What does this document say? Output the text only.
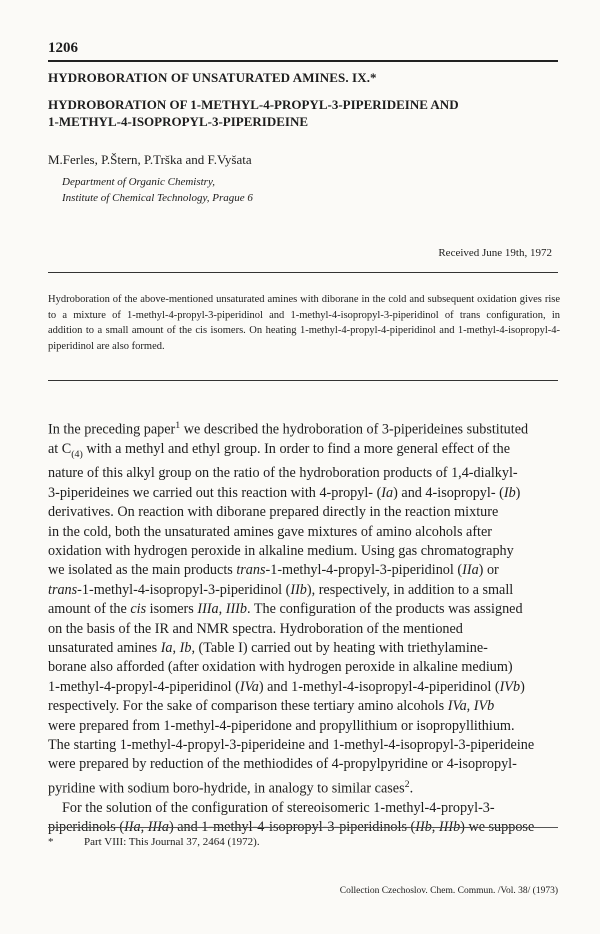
1206
HYDROBORATION OF UNSATURATED AMINES. IX.*
HYDROBORATION OF 1-METHYL-4-PROPYL-3-PIPERIDEINE AND
1-METHYL-4-ISOPROPYL-3-PIPERIDEINE
M.Ferles, P.Štern, P.Trška and F.Vyšata
Department of Organic Chemistry,
Institute of Chemical Technology, Prague 6
Received June 19th, 1972
Hydroboration of the above-mentioned unsaturated amines with diborane in the cold and subsequent oxidation gives rise to a mixture of 1-methyl-4-propyl-3-piperidinol and 1-methyl-4-isopropyl-3-piperidinol of trans configuration, in addition to a small amount of the cis isomers. On heating 1-methyl-4-propyl-4-piperidinol and 1-methyl-4-isopropyl-4-piperidinol are also formed.
In the preceding paper$^1$ we described the hydroboration of 3-piperideines substituted
at $C_{(4)}$ with a methyl and ethyl group. In order to find a more general effect of the
nature of this alkyl group on the ratio of the hydroboration products of 1,4-dialkyl-
3-piperideines we carried out this reaction with 4-propyl- (Ia) and 4-isopropyl- (Ib)
derivatives. On reaction with diborane prepared directly in the reaction mixture
in the cold, both the unsaturated amines gave mixtures of amino alcohols after
oxidation with hydrogen peroxide in alkaline medium. Using gas chromatography
we isolated as the main products trans-1-methyl-4-propyl-3-piperidinol (IIa) or
trans-1-methyl-4-isopropyl-3-piperidinol (IIb), respectively, in addition to a small
amount of the cis isomers IIIa, IIIb. The configuration of the products was assigned
on the basis of the IR and NMR spectra. Hydroboration of the mentioned
unsaturated amines Ia, Ib, (Table I) carried out by heating with triethylamine-
borane also afforded (after oxidation with hydrogen peroxide in alkaline medium)
1-methyl-4-propyl-4-piperidinol (IVa) and 1-methyl-4-isopropyl-4-piperidinol (IVb)
respectively. For the sake of comparison these tertiary amino alcohols IVa, IVb
were prepared from 1-methyl-4-piperidone and propyllithium or isopropyllithium.
The starting 1-methyl-4-propyl-3-piperideine and 1-methyl-4-isopropyl-3-piperideine
were prepared by reduction of the methiodides of 4-propylpyridine or 4-isopropyl-
pyridine with sodium boro-hydride, in analogy to similar cases$^2$.
For the solution of the configuration of stereoisomeric 1-methyl-4-propyl-3-
piperidinols (IIa, IIIa) and 1-methyl-4-isopropyl-3-piperidinols (IIb, IIIb) we suppose
*	Part VIII: This Journal 37, 2464 (1972).
Collection Czechoslov. Chem. Commun. /Vol. 38/ (1973)
